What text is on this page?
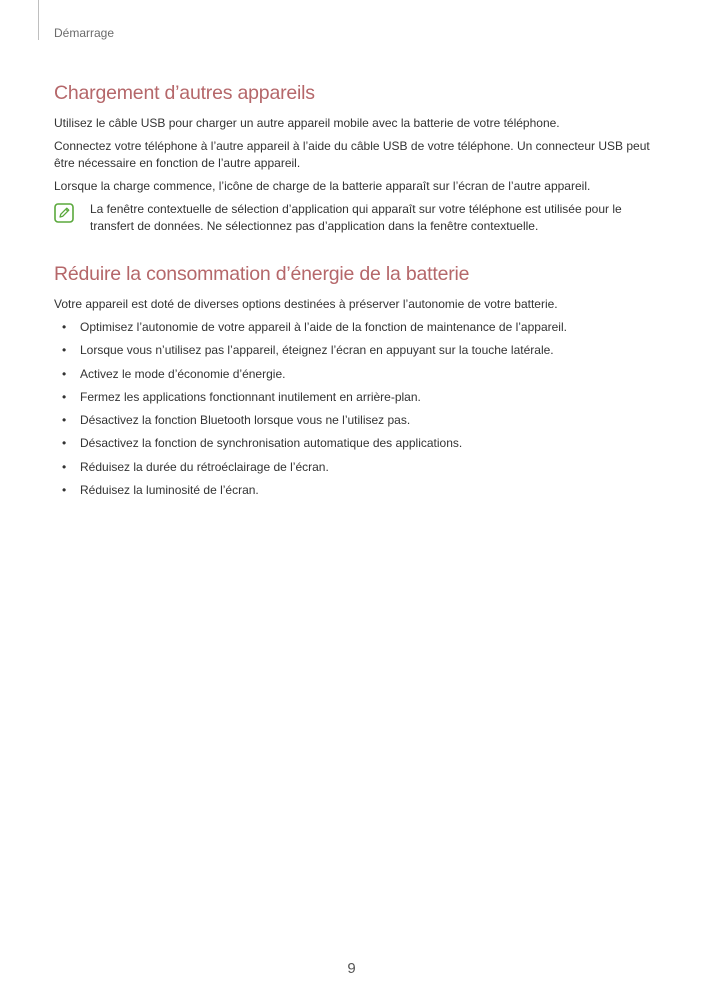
Démarrage
Chargement d’autres appareils

Utilisez le câble USB pour charger un autre appareil mobile avec la batterie de votre téléphone.

Connectez votre téléphone à l’autre appareil à l’aide du câble USB de votre téléphone. Un connecteur USB peut être nécessaire en fonction de l’autre appareil.

Lorsque la charge commence, l’icône de charge de la batterie apparaît sur l’écran de l’autre appareil.

La fenêtre contextuelle de sélection d’application qui apparaît sur votre téléphone est utilisée pour le transfert de données. Ne sélectionnez pas d’application dans la fenêtre contextuelle.
Réduire la consommation d’énergie de la batterie

Votre appareil est doté de diverses options destinées à préserver l’autonomie de votre batterie.

• Optimisez l’autonomie de votre appareil à l’aide de la fonction de maintenance de l’appareil.
• Lorsque vous n’utilisez pas l’appareil, éteignez l’écran en appuyant sur la touche latérale.
• Activez le mode d’économie d’énergie.
• Fermez les applications fonctionnant inutilement en arrière-plan.
• Désactivez la fonction Bluetooth lorsque vous ne l’utilisez pas.
• Désactivez la fonction de synchronisation automatique des applications.
• Réduisez la durée du rétroéclairage de l’écran.
• Réduisez la luminosité de l’écran.
9
